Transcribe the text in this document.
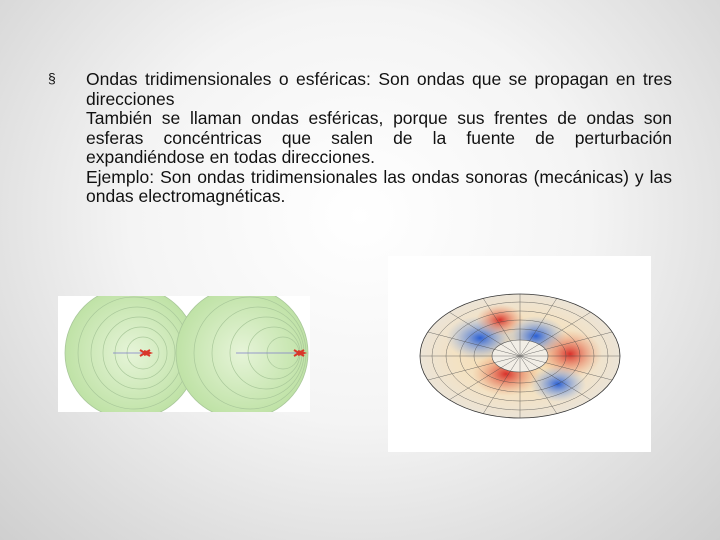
§ Ondas tridimensionales o esféricas: Son ondas que se propagan en tres direcciones

También se llaman ondas esféricas, porque sus frentes de ondas son esferas concéntricas que salen de la fuente de perturbación expandiéndose en todas direcciones.

Ejemplo: Son ondas tridimensionales las ondas sonoras (mecánicas) y las ondas electromagnéticas.
